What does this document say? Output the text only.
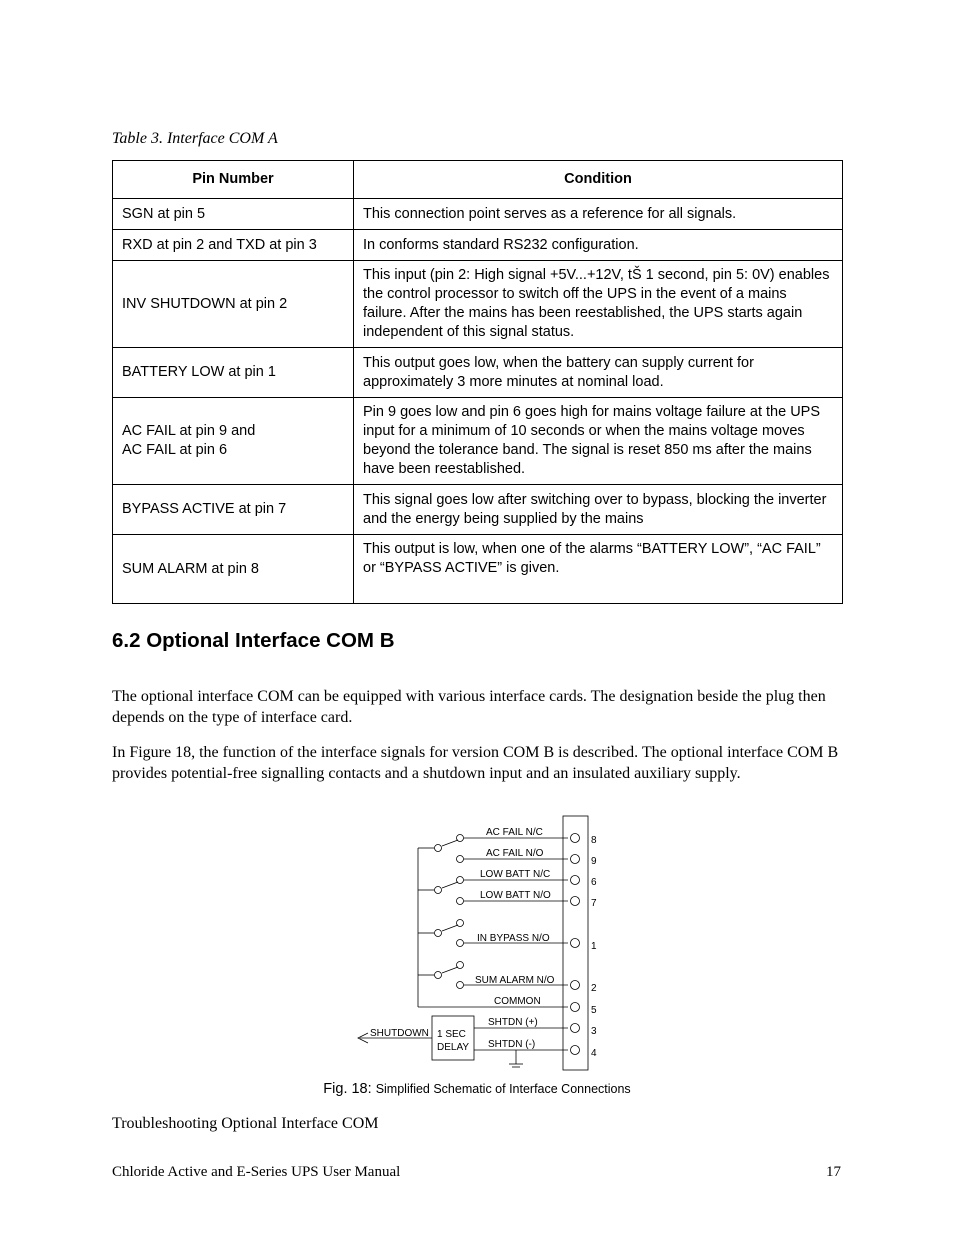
Table 3. Interface COM A
Pin Number	Condition
SGN at pin 5	This connection point serves as a reference for all signals.
RXD at pin 2 and TXD at pin 3	In conforms standard RS232 configuration.
INV SHUTDOWN at pin 2	This input (pin 2: High signal +5V...+12V, tŠ 1 second, pin 5: 0V) enables the control processor to switch off the UPS in the event of a mains failure. After the mains has been reestablished, the UPS starts again independent of this signal status.
BATTERY LOW at pin 1	This output goes low, when the battery can supply current for approximately 3 more minutes at nominal load.
AC FAIL at pin 9 and
AC FAIL at pin 6	Pin 9 goes low and pin 6 goes high for mains voltage failure at the UPS input for a minimum of 10 seconds or when the mains voltage moves beyond the tolerance band. The signal is reset 850 ms after the mains have been reestablished.
BYPASS ACTIVE at pin 7	This signal goes low after switching over to bypass, blocking the inverter and the energy being supplied by the mains
SUM ALARM at pin 8	This output is low, when one of the alarms “BATTERY LOW”, “AC FAIL” or “BYPASS ACTIVE” is given.
6.2 Optional Interface COM B
The optional interface COM can be equipped with various interface cards. The designation beside the plug then depends on the type of interface card.
In Figure 18, the function of the interface signals for version COM B is described. The optional interface COM B provides potential-free signalling contacts and a shutdown input and an insulated auxiliary supply.
AC FAIL N/C
AC FAIL N/O
LOW BATT N/C
LOW BATT N/O
IN BYPASS N/O
SUM ALARM N/O
COMMON
SHTDN (+)
SHTDN (-)
SHUTDOWN 1 SEC
DELAY
8
9
6
7
1
2
5
3
4
Fig. 18: Simplified Schematic of Interface Connections
Troubleshooting Optional Interface COM
Chloride Active and E-Series UPS User Manual	17
